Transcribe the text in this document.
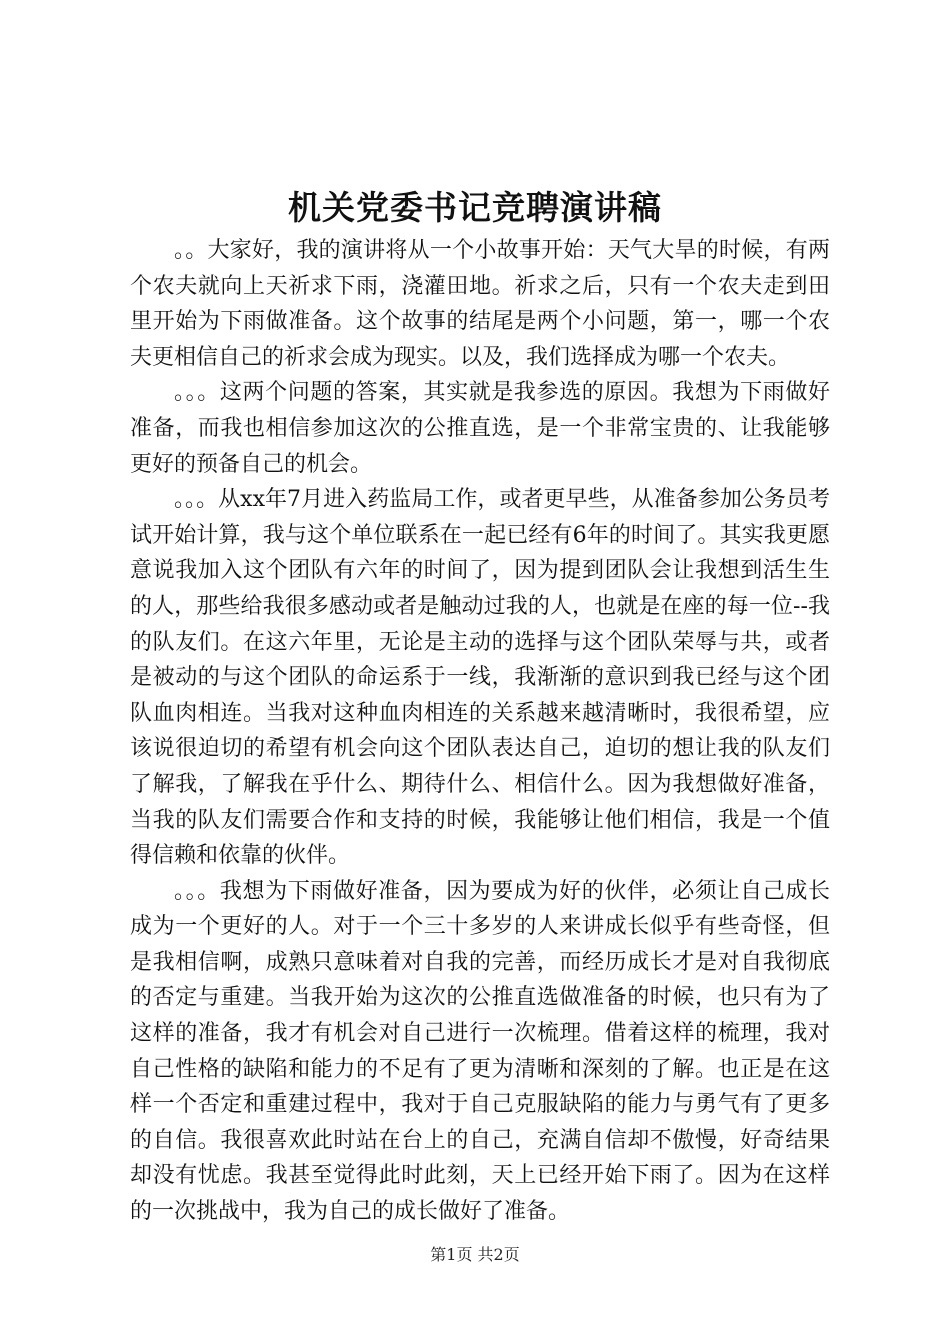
机关党委书记竞聘演讲稿

。。大家好，我的演讲将从一个小故事开始：天气大旱的时候，有两个农夫就向上天祈求下雨，浇灌田地。祈求之后，只有一个农夫走到田里开始为下雨做准备。这个故事的结尾是两个小问题，第一，哪一个农夫更相信自己的祈求会成为现实。以及，我们选择成为哪一个农夫。

。。。这两个问题的答案，其实就是我参选的原因。我想为下雨做好准备，而我也相信参加这次的公推直选，是一个非常宝贵的、让我能够更好的预备自己的机会。

。。。从xx年7月进入药监局工作，或者更早些，从准备参加公务员考试开始计算，我与这个单位联系在一起已经有6年的时间了。其实我更愿意说我加入这个团队有六年的时间了，因为提到团队会让我想到活生生的人，那些给我很多感动或者是触动过我的人，也就是在座的每一位--我的队友们。在这六年里，无论是主动的选择与这个团队荣辱与共，或者是被动的与这个团队的命运系于一线，我渐渐的意识到我已经与这个团队血肉相连。当我对这种血肉相连的关系越来越清晰时，我很希望，应该说很迫切的希望有机会向这个团队表达自己，迫切的想让我的队友们了解我，了解我在乎什么、期待什么、相信什么。因为我想做好准备，当我的队友们需要合作和支持的时候，我能够让他们相信，我是一个值得信赖和依靠的伙伴。

。。。我想为下雨做好准备，因为要成为好的伙伴，必须让自己成长成为一个更好的人。对于一个三十多岁的人来讲成长似乎有些奇怪，但是我相信啊，成熟只意味着对自我的完善，而经历成长才是对自我彻底的否定与重建。当我开始为这次的公推直选做准备的时候，也只有为了这样的准备，我才有机会对自己进行一次梳理。借着这样的梳理，我对自己性格的缺陷和能力的不足有了更为清晰和深刻的了解。也正是在这样一个否定和重建过程中，我对于自己克服缺陷的能力与勇气有了更多的自信。我很喜欢此时站在台上的自己，充满自信却不傲慢，好奇结果却没有忧虑。我甚至觉得此时此刻，天上已经开始下雨了。因为在这样的一次挑战中，我为自己的成长做好了准备。

第1页 共2页
